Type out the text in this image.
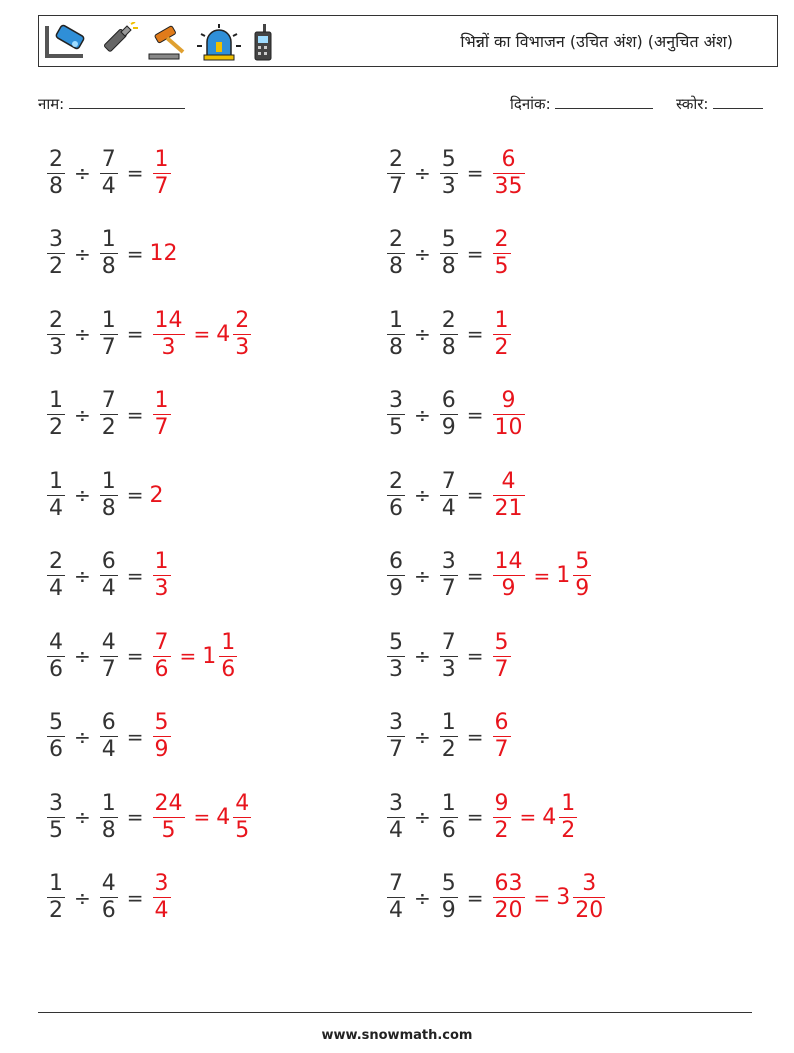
भिन्नों का विभाजन (उचित अंश) (अनुचित अंश)
नाम:	दिनांक:	स्कोर:
$\frac{2}{8} \div \frac{7}{4} = \frac{1}{7}$	$\frac{2}{7} \div \frac{5}{3} = \frac{6}{35}$
$\frac{3}{2} \div \frac{1}{8} = 12$	$\frac{2}{8} \div \frac{5}{8} = \frac{2}{5}$
$\frac{2}{3} \div \frac{1}{7} = \frac{14}{3} = 4 \frac{2}{3}$	$\frac{1}{8} \div \frac{2}{8} = \frac{1}{2}$
$\frac{1}{2} \div \frac{7}{2} = \frac{1}{7}$	$\frac{3}{5} \div \frac{6}{9} = \frac{9}{10}$
$\frac{1}{4} \div \frac{1}{8} = 2$	$\frac{2}{6} \div \frac{7}{4} = \frac{4}{21}$
$\frac{2}{4} \div \frac{6}{4} = \frac{1}{3}$	$\frac{6}{9} \div \frac{3}{7} = \frac{14}{9} = 1 \frac{5}{9}$
$\frac{4}{6} \div \frac{4}{7} = \frac{7}{6} = 1 \frac{1}{6}$	$\frac{5}{3} \div \frac{7}{3} = \frac{5}{7}$
$\frac{5}{6} \div \frac{6}{4} = \frac{5}{9}$	$\frac{3}{7} \div \frac{1}{2} = \frac{6}{7}$
$\frac{3}{5} \div \frac{1}{8} = \frac{24}{5} = 4 \frac{4}{5}$	$\frac{3}{4} \div \frac{1}{6} = \frac{9}{2} = 4 \frac{1}{2}$
$\frac{1}{2} \div \frac{4}{6} = \frac{3}{4}$	$\frac{7}{4} \div \frac{5}{9} = \frac{63}{20} = 3 \frac{3}{20}$
www.snowmath.com
